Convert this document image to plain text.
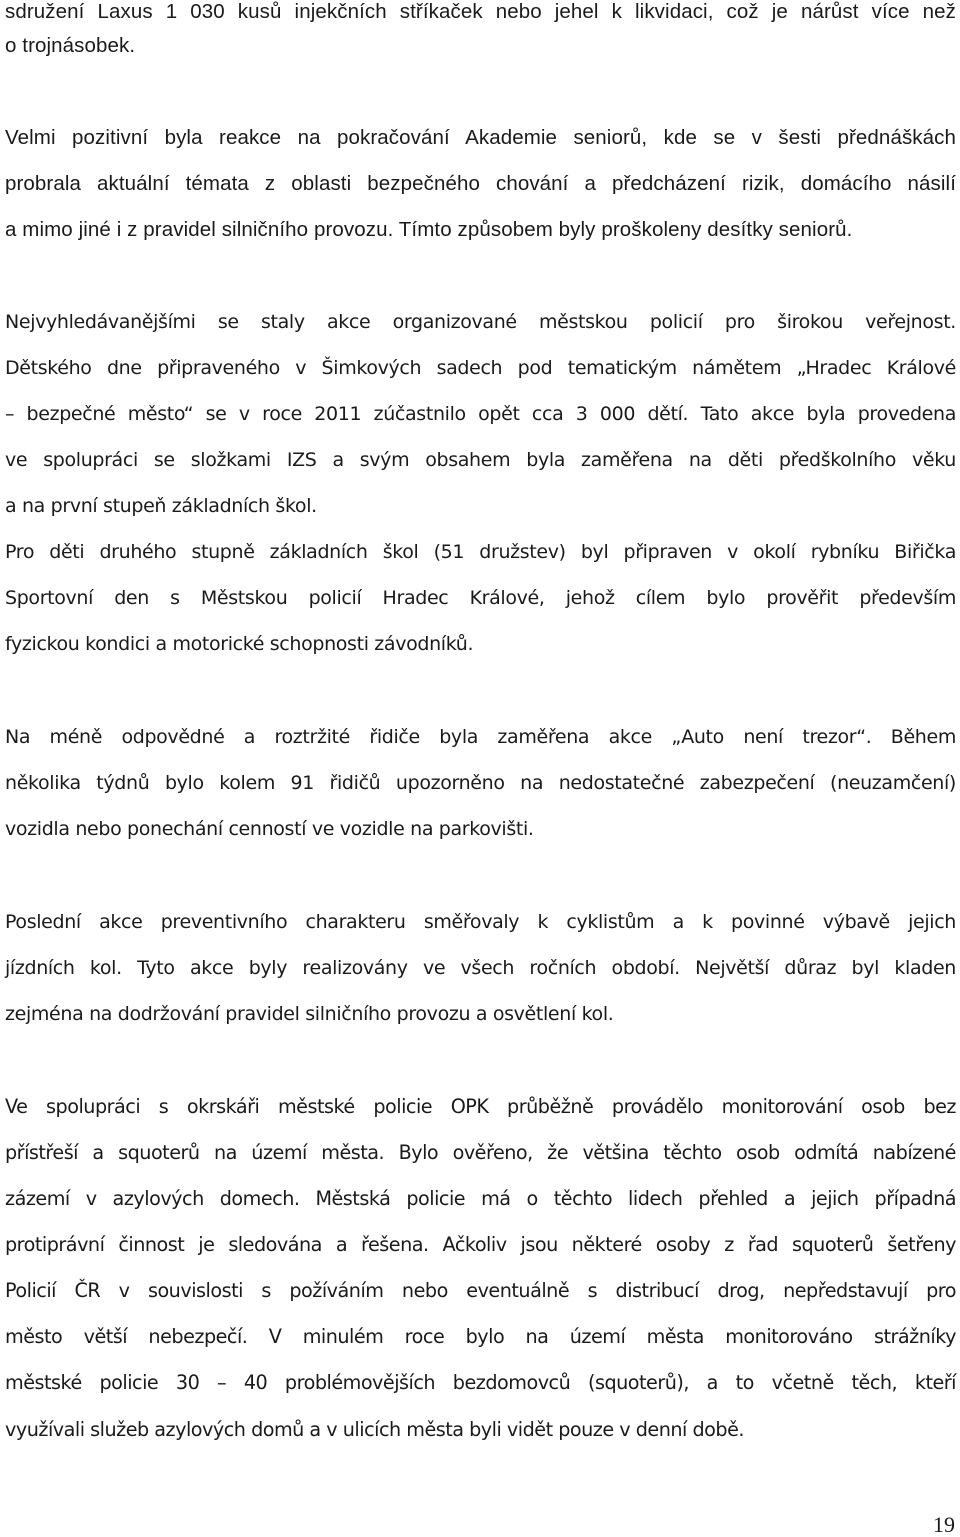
sdružení Laxus 1 030 kusů injekčních stříkaček nebo jehel k likvidaci, což je nárůst více než
o trojnásobek.
Velmi pozitivní byla reakce na pokračování Akademie seniorů, kde se v šesti přednáškách
probrala aktuální témata z oblasti bezpečného chování a předcházení rizik, domácího násilí
a mimo jiné i z pravidel silničního provozu. Tímto způsobem byly proškoleny desítky seniorů.
Nejvyhledávanějšími se staly akce organizované městskou policií pro širokou veřejnost.
Dětského dne připraveného v Šimkových sadech pod tematickým námětem „Hradec Králové
– bezpečné město“ se v roce 2011 zúčastnilo opět cca 3 000 dětí. Tato akce byla provedena
ve spolupráci se složkami IZS a svým obsahem byla zaměřena na děti předškolního věku
a na první stupeň základních škol.
Pro děti druhého stupně základních škol (51 družstev) byl připraven v okolí rybníku Biřička
Sportovní den s Městskou policií Hradec Králové, jehož cílem bylo prověřit především
fyzickou kondici a motorické schopnosti závodníků.
Na méně odpovědné a roztržité řidiče byla zaměřena akce „Auto není trezor“. Během
několika týdnů bylo kolem 91 řidičů upozorněno na nedostatečné zabezpečení (neuzamčení)
vozidla nebo ponechání cenností ve vozidle na parkovišti.
Poslední akce preventivního charakteru směřovaly k cyklistům a k povinné výbavě jejich
jízdních kol. Tyto akce byly realizovány ve všech ročních období. Největší důraz byl kladen
zejména na dodržování pravidel silničního provozu a osvětlení kol.
Ve spolupráci s okrskáři městské policie OPK průběžně provádělo monitorování osob bez
přístřeší a squoterů na území města. Bylo ověřeno, že většina těchto osob odmítá nabízené
zázemí v azylových domech. Městská policie má o těchto lidech přehled a jejich případná
protiprávní činnost je sledována a řešena. Ačkoliv jsou některé osoby z řad squoterů šetřeny
Policií ČR v souvislosti s požíváním nebo eventuálně s distribucí drog, nepředstavují pro
město větší nebezpečí. V minulém roce bylo na území města monitorováno strážníky
městské policie 30 – 40 problémovějších bezdomovců (squoterů), a to včetně těch, kteří
využívali služeb azylových domů a v ulicích města byli vidět pouze v denní době.
19
